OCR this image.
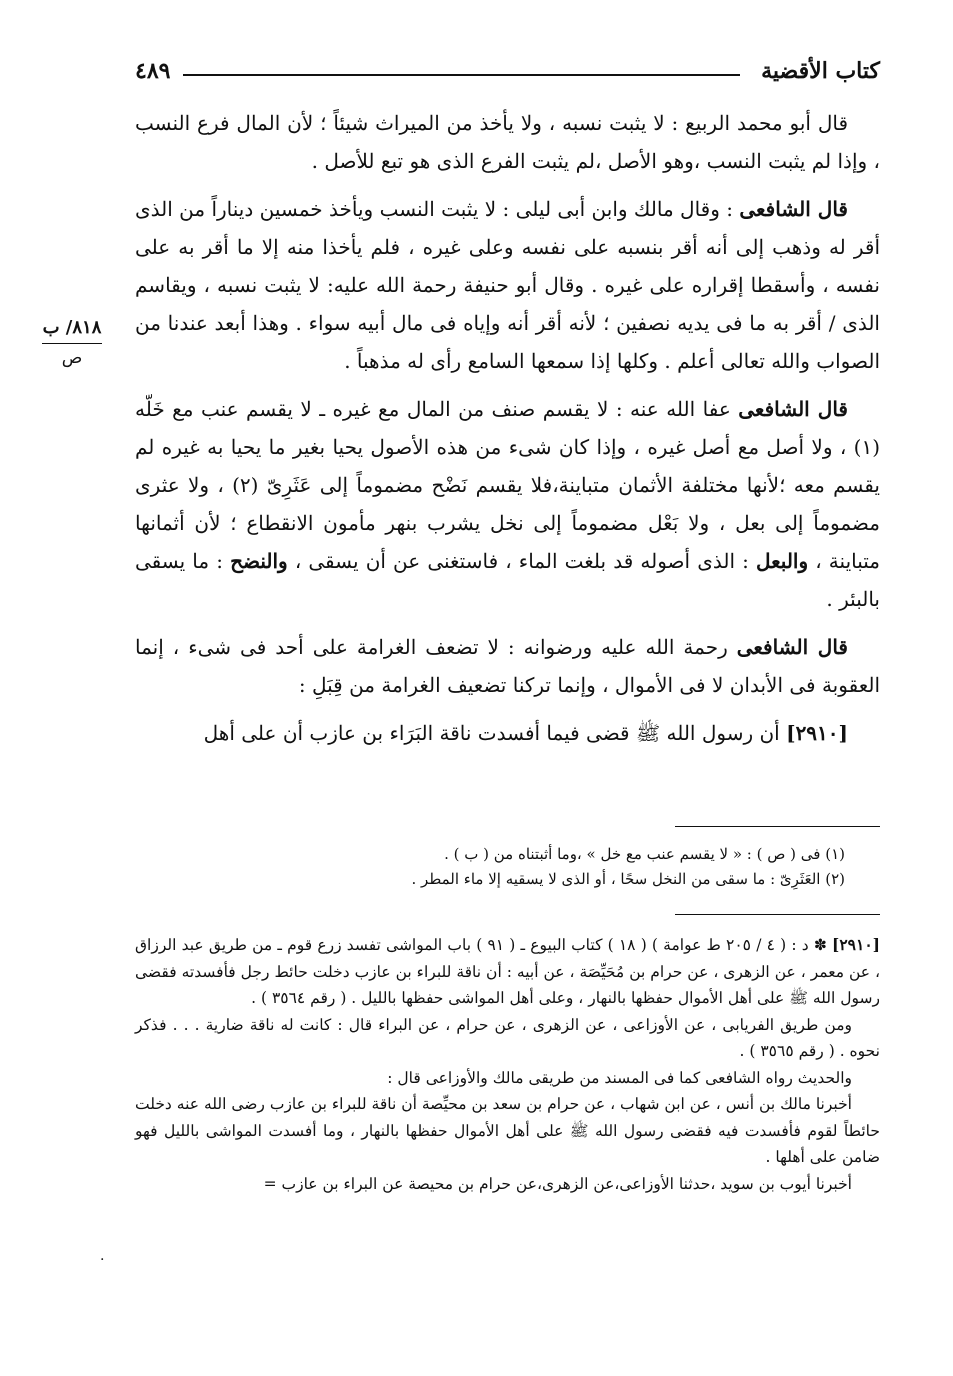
كتاب الأقضية
٤٨٩
٨١٨/ ب
ص

قال أبو محمد الربيع : لا يثبت نسبه ، ولا يأخذ من الميراث شيئاً ؛ لأن المال فرع النسب ، وإذا لم يثبت النسب ،وهو الأصل ،لم يثبت الفرع الذى هو تبع للأصل .

قال الشافعى : وقال مالك وابن أبى ليلى : لا يثبت النسب ويأخذ خمسين ديناراً من الذى أقر له وذهب إلى أنه أقر بنسبه على نفسه وعلى غيره ، فلم يأخذا منه إلا ما أقر به على نفسه ، وأسقطا إقراره على غيره . وقال أبو حنيفة رحمة الله عليه: لا يثبت نسبه ، ويقاسم الذى / أقر به ما فى يديه نصفين ؛ لأنه أقر أنه وإياه فى مال أبيه سواء . وهذا أبعد عندنا من الصواب والله تعالى أعلم . وكلها إذا سمعها السامع رأى له مذهباً .

قال الشافعى عفا الله عنه : لا يقسم صنف من المال مع غيره ـ لا يقسم عنب مع خَلّه (١) ، ولا أصل مع أصل غيره ، وإذا كان شىء من هذه الأصول يحيا بغير ما يحيا به غيره لم يقسم معه ؛لأنها مختلفة الأثمان متباينة،فلا يقسم نَضْح مضموماً إلى عَثَرِىّ (٢) ، ولا عثرى مضموماً إلى بعل ، ولا بَعْل مضموماً إلى نخل يشرب بنهر مأمون الانقطاع ؛ لأن أثمانها متباينة ، والبعل : الذى أصوله قد بلغت الماء ، فاستغنى عن أن يسقى ، والنضح : ما يسقى بالبئر .

قال الشافعى رحمة الله عليه ورضوانه : لا تضعف الغرامة على أحد فى شىء ، إنما العقوبة فى الأبدان لا فى الأموال ، وإنما تركنا تضعيف الغرامة من قِبَلِ :

[٢٩١٠] أن رسول الله ﷺ قضى فيما أفسدت ناقة البَرَاء بن عازب أن على أهل

(١) فى ( ص ) : « لا يقسم عنب مع خل » ،وما أثبتناه من ( ب ) .

(٢) العَثَرِىّ : ما سقى من النخل سحًا ، أو الذى لا يسقيه إلا ماء المطر .

[٢٩١٠] ✽ د : ( ٤ / ٢٠٥ ط عوامة ) ( ١٨ ) كتاب البيوع ـ ( ٩١ ) باب المواشى تفسد زرع قوم ـ من طريق عبد الرزاق ، عن معمر ، عن الزهرى ، عن حرام بن مُحَيِّصَة ، عن أبيه : أن ناقة للبراء بن عازب دخلت حائط رجل فأفسدته فقضى رسول الله ﷺ على أهل الأموال حفظها بالنهار ، وعلى أهل المواشى حفظها بالليل . ( رقم ٣٥٦٤ ) .

ومن طريق الفريابى ، عن الأوزاعى ، عن الزهرى ، عن حرام ، عن البراء قال : كانت له ناقة ضارية . . . فذكر نحوه . ( رقم ٣٥٦٥ ) .

والحديث رواه الشافعى كما فى المسند من طريقى مالك والأوزاعى قال :

أخبرنا مالك بن أنس ، عن ابن شهاب ، عن حرام بن سعد بن محيِّصة أن ناقة للبراء بن عازب رضى الله عنه دخلت حائطاً لقوم فأفسدت فيه فقضى رسول الله ﷺ على أهل الأموال حفظها بالنهار ، وما أفسدت المواشى بالليل فهو ضامن على أهلها .

أخبرنا أيوب بن سويد ،حدثنا الأوزاعى،عن الزهرى،عن حرام بن محيصة عن البراء بن عازب =

.
